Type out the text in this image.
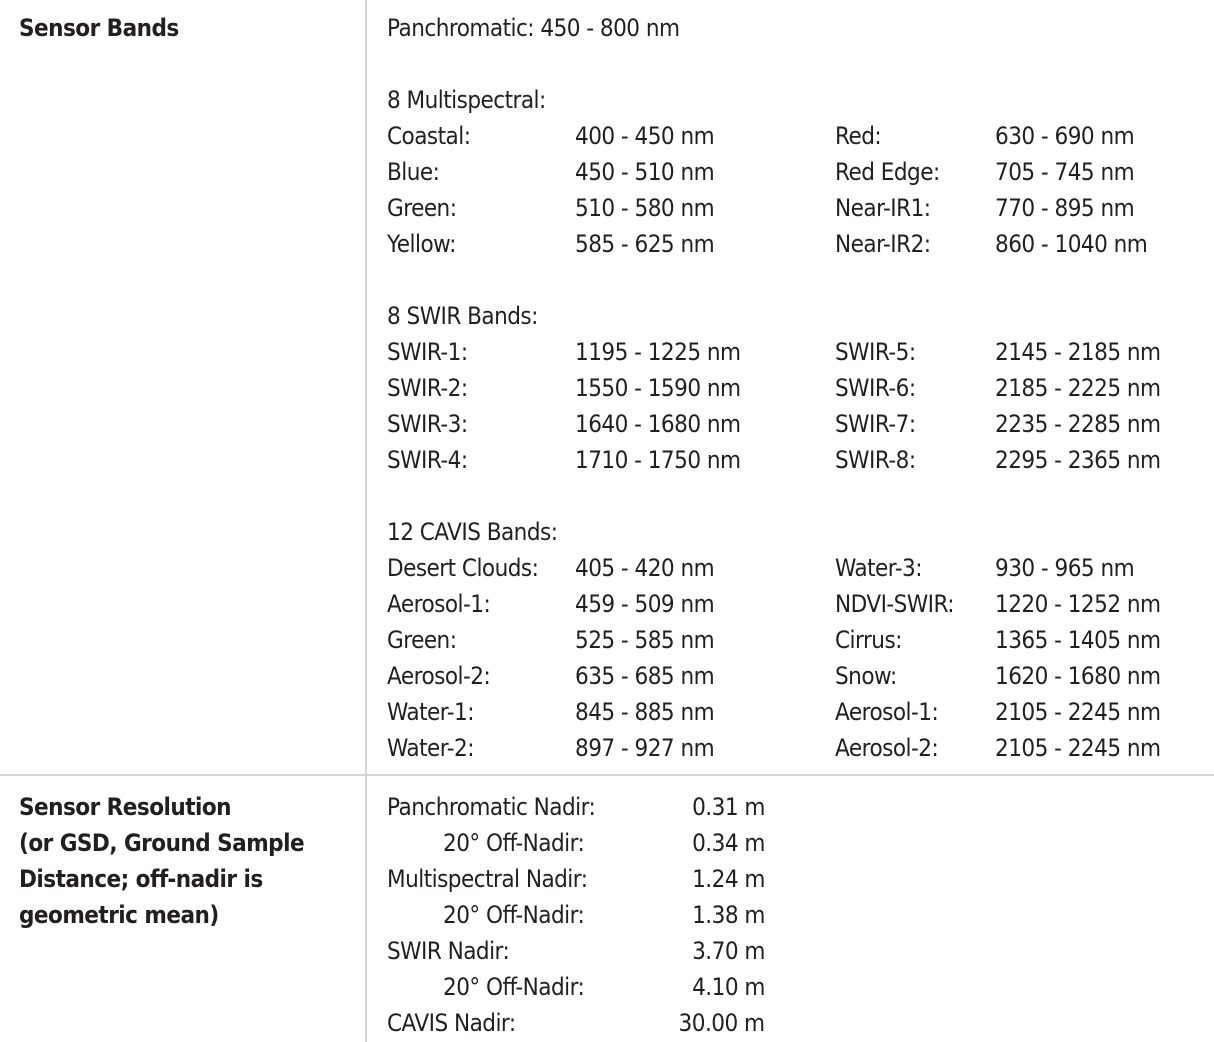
Sensor Bands	Panchromatic: 450 - 800 nm
8 Multispectral:
Coastal:	400 - 450 nm	Red:	630 - 690 nm
Blue:	450 - 510 nm	Red Edge: 705 - 745 nm
Green:	510 - 580 nm	Near-IR1:	770 - 895 nm
Yellow:	585 - 625 nm	Near-IR2:	860 - 1040 nm
8 SWIR Bands:
SWIR-1:	1195 - 1225 nm	SWIR-5:	2145 - 2185 nm
SWIR-2:	1550 - 1590 nm	SWIR-6:	2185 - 2225 nm
SWIR-3:	1640 - 1680 nm	SWIR-7:	2235 - 2285 nm
SWIR-4:	1710 - 1750 nm	SWIR-8:	2295 - 2365 nm
12 CAVIS Bands:
Desert Clouds: 405 - 420 nm	Water-3:	930 - 965 nm
Aerosol-1:	459 - 509 nm	NDVI-SWIR: 1220 - 1252 nm
Green:	525 - 585 nm	Cirrus:	1365 - 1405 nm
Aerosol-2:	635 - 685 nm	Snow:	1620 - 1680 nm
Water-1:	845 - 885 nm	Aerosol-1: 2105 - 2245 nm
Water-2:	897 - 927 nm	Aerosol-2: 2105 - 2245 nm
Sensor Resolution
(or GSD, Ground Sample
Distance; off-nadir is
geometric mean)
Panchromatic Nadir:	0.31 m
20° Off-Nadir:	0.34 m
Multispectral Nadir:	1.24 m
20° Off-Nadir:	1.38 m
SWIR Nadir:	3.70 m
20° Off-Nadir:	4.10 m
CAVIS Nadir:	30.00 m
